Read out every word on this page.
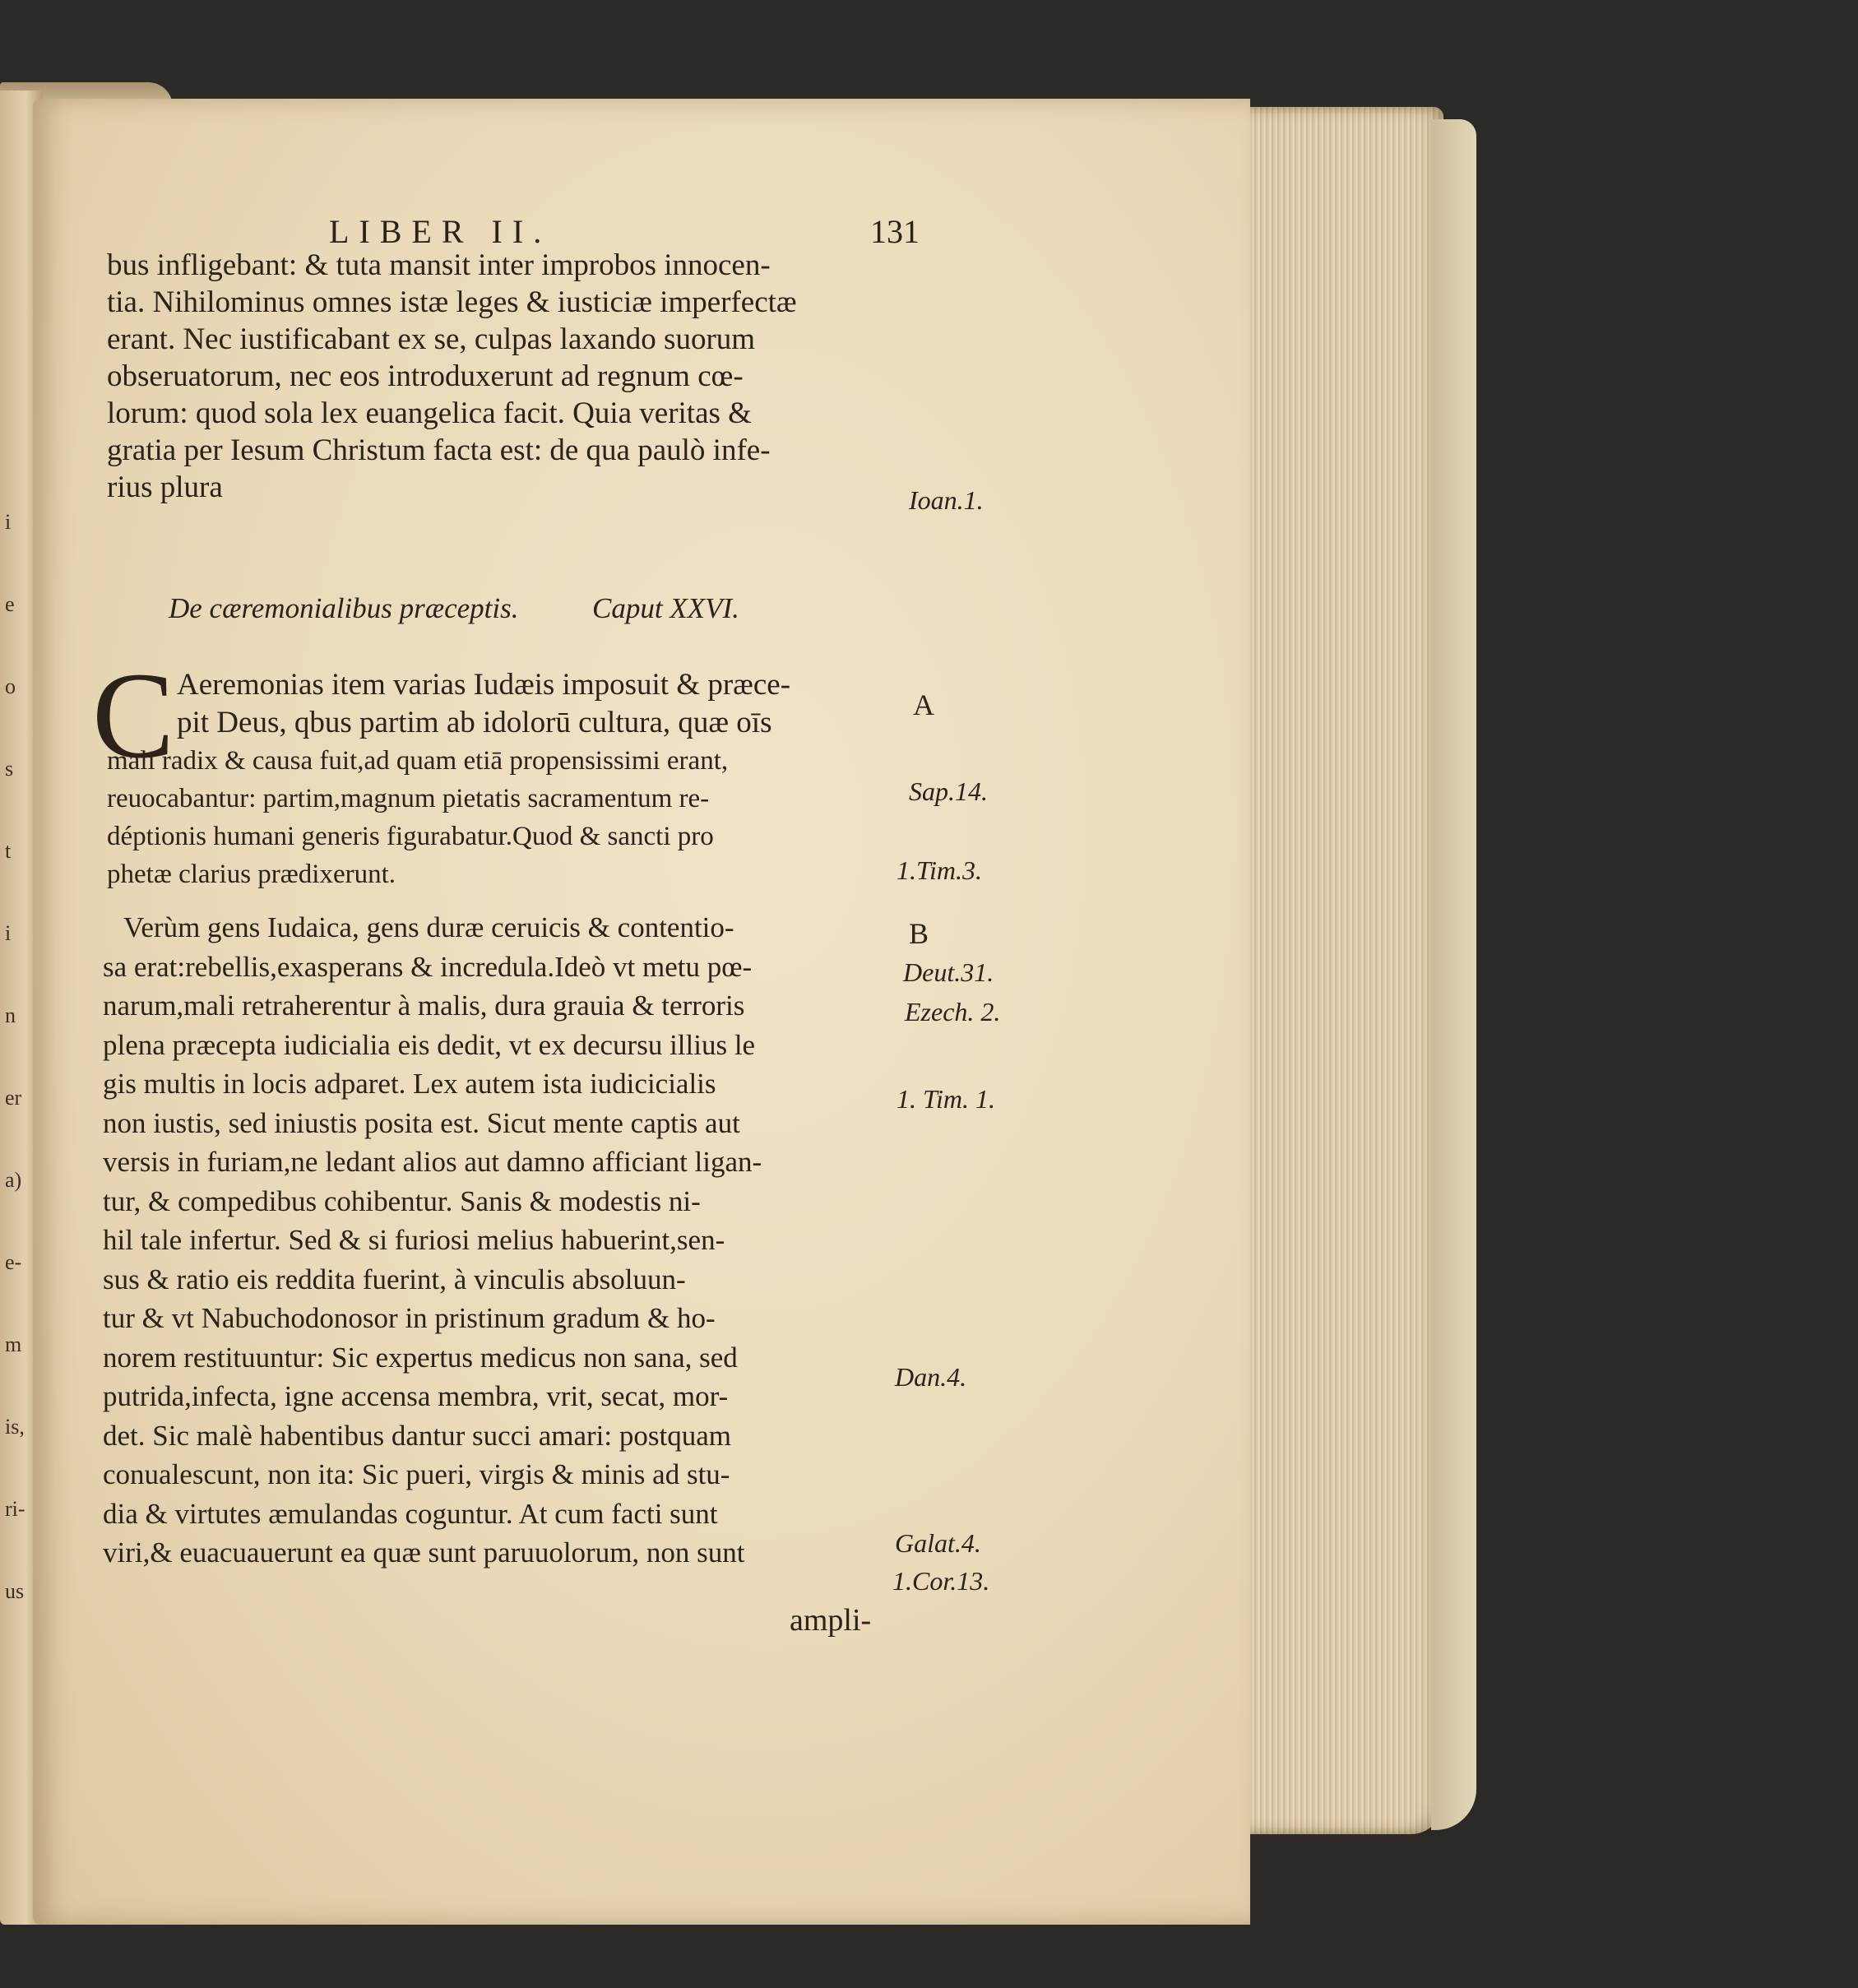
i
e
o
s
t
i
n
er
a)
e-
m
is,
ri-
us
LIBER II.	131
bus infligebant: & tuta mansit inter improbos innocen-
tia. Nihilominus omnes istæ leges & iusticiæ imperfectæ
erant. Nec iustificabant ex se, culpas laxando suorum
obseruatorum, nec eos introduxerunt ad regnum cœ-
lorum: quod sola lex euangelica facit. Quia veritas &
gratia per Iesum Christum facta est: de qua paulò infe-
rius plura
De cæremonialibus præceptis.	Caput XXVI.
C Aeremonias item varias Iudæis imposuit & præce-
pit Deus, qbus partim ab idolorū cultura, quæ oīs
mali radix & causa fuit,ad quam etiā propensissimi erant,
reuocabantur: partim,magnum pietatis sacramentum re-
déptionis humani generis figurabatur.Quod & sancti pro
phetæ clarius prædixerunt.
Verùm gens Iudaica, gens duræ ceruicis & contentio-
sa erat:rebellis,exasperans & incredula.Ideò vt metu pœ-
narum,mali retraherentur à malis, dura grauia & terroris
plena præcepta iudicialia eis dedit, vt ex decursu illius le
gis multis in locis adparet. Lex autem ista iudicicialis
non iustis, sed iniustis posita est. Sicut mente captis aut
versis in furiam,ne ledant alios aut damno afficiant ligan-
tur, & compedibus cohibentur. Sanis & modestis ni-
hil tale infertur. Sed & si furiosi melius habuerint,sen-
sus & ratio eis reddita fuerint, à vinculis absoluun-
tur & vt Nabuchodonosor in pristinum gradum & ho-
norem restituuntur: Sic expertus medicus non sana, sed
putrida,infecta, igne accensa membra, vrit, secat, mor-
det. Sic malè habentibus dantur succi amari: postquam
conualescunt, non ita: Sic pueri, virgis & minis ad stu-
dia & virtutes æmulandas coguntur. At cum facti sunt
viri,& euacuauerunt ea quæ sunt paruuolorum, non sunt
Ioan.1.
A
Sap.14.
1.Tim.3.
B
Deut.31.
Ezech. 2.
1. Tim. 1.
Dan.4.
Galat.4.
1.Cor.13.
ampli-
